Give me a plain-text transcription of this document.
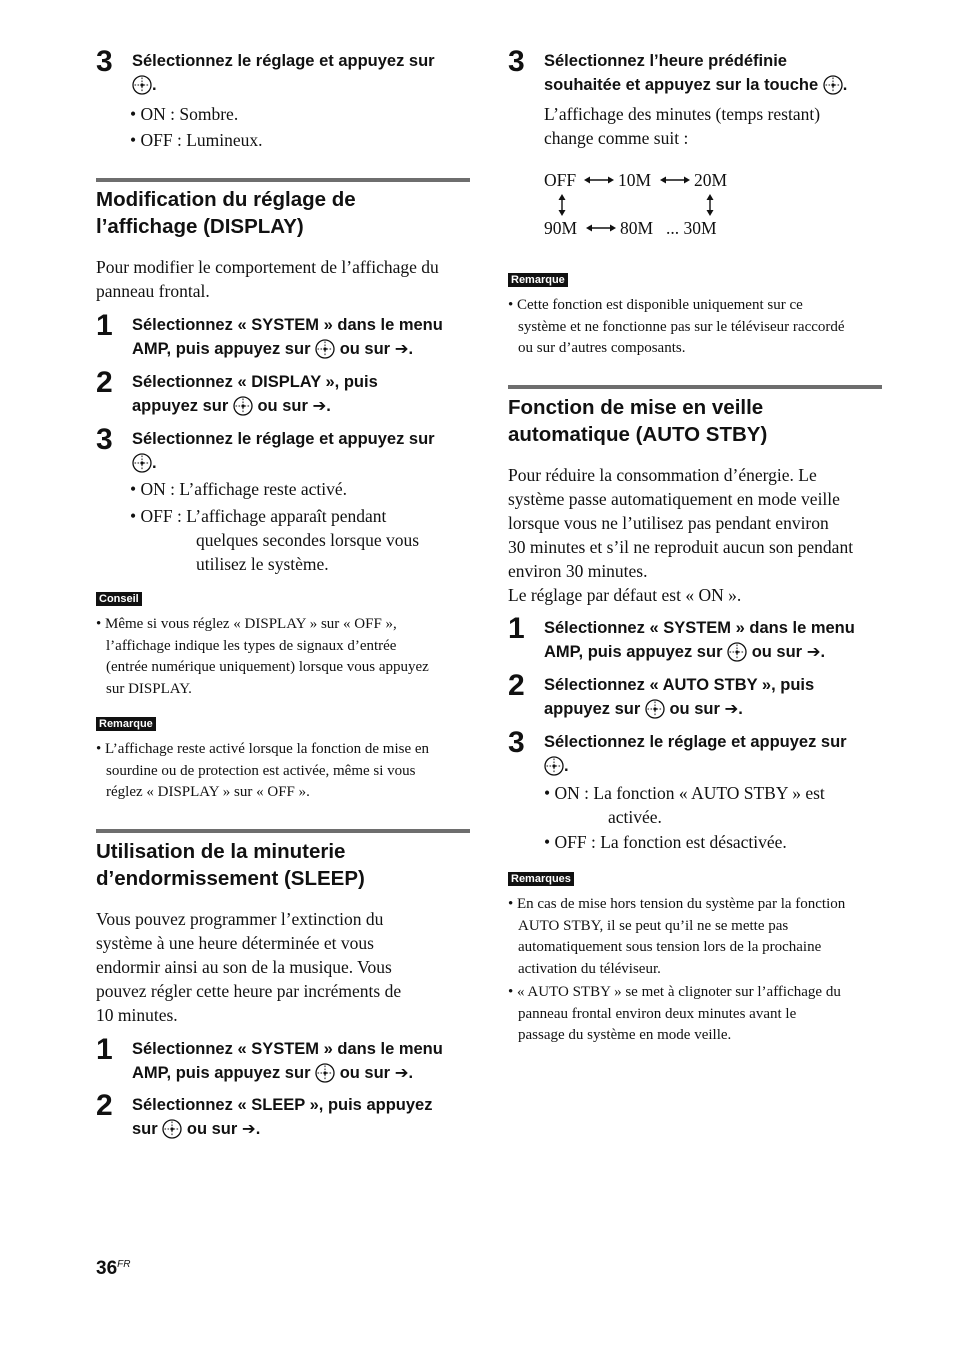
3 Sélectionnez le réglage et appuyez sur
.
• ON : Sombre.
• OFF : Lumineux.
Modification du réglage de
l’affichage (DISPLAY)
Pour modifier le comportement de l’affichage du
panneau frontal.
1 Sélectionnez « SYSTEM » dans le menu
AMP, puis appuyez sur ou sur ➔.
2 Sélectionnez « DISPLAY », puis
appuyez sur ou sur ➔.
3 Sélectionnez le réglage et appuyez sur
.
• ON : L’affichage reste activé.
• OFF : L’affichage apparaît pendant
quelques secondes lorsque vous
utilisez le système.
Conseil
• Même si vous réglez « DISPLAY » sur « OFF »,
l’affichage indique les types de signaux d’entrée
(entrée numérique uniquement) lorsque vous appuyez
sur DISPLAY.
Remarque
• L’affichage reste activé lorsque la fonction de mise en
sourdine ou de protection est activée, même si vous
réglez « DISPLAY » sur « OFF ».
Utilisation de la minuterie
d’endormissement (SLEEP)
Vous pouvez programmer l’extinction du
système à une heure déterminée et vous
endormir ainsi au son de la musique. Vous
pouvez régler cette heure par incréments de
10 minutes.
1 Sélectionnez « SYSTEM » dans le menu
AMP, puis appuyez sur ou sur ➔.
2 Sélectionnez « SLEEP », puis appuyez
sur ou sur ➔.
3 Sélectionnez l’heure prédéfinie
souhaitée et appuyez sur la touche .
L’affichage des minutes (temps restant)
change comme suit :
OFF 10M 20M
90M 80M ... 30M
Remarque
• Cette fonction est disponible uniquement sur ce
système et ne fonctionne pas sur le téléviseur raccordé
ou sur d’autres composants.
Fonction de mise en veille
automatique (AUTO STBY)
Pour réduire la consommation d’énergie. Le
système passe automatiquement en mode veille
lorsque vous ne l’utilisez pas pendant environ
30 minutes et s’il ne reproduit aucun son pendant
environ 30 minutes.
Le réglage par défaut est « ON ».
1 Sélectionnez « SYSTEM » dans le menu
AMP, puis appuyez sur ou sur ➔.
2 Sélectionnez « AUTO STBY », puis
appuyez sur ou sur ➔.
3 Sélectionnez le réglage et appuyez sur
.
• ON : La fonction « AUTO STBY » est
activée.
• OFF : La fonction est désactivée.
Remarques
• En cas de mise hors tension du système par la fonction
AUTO STBY, il se peut qu’il ne se mette pas
automatiquement sous tension lors de la prochaine
activation du téléviseur.
• « AUTO STBY » se met à clignoter sur l’affichage du
panneau frontal environ deux minutes avant le
passage du système en mode veille.
$36^{FR}$
